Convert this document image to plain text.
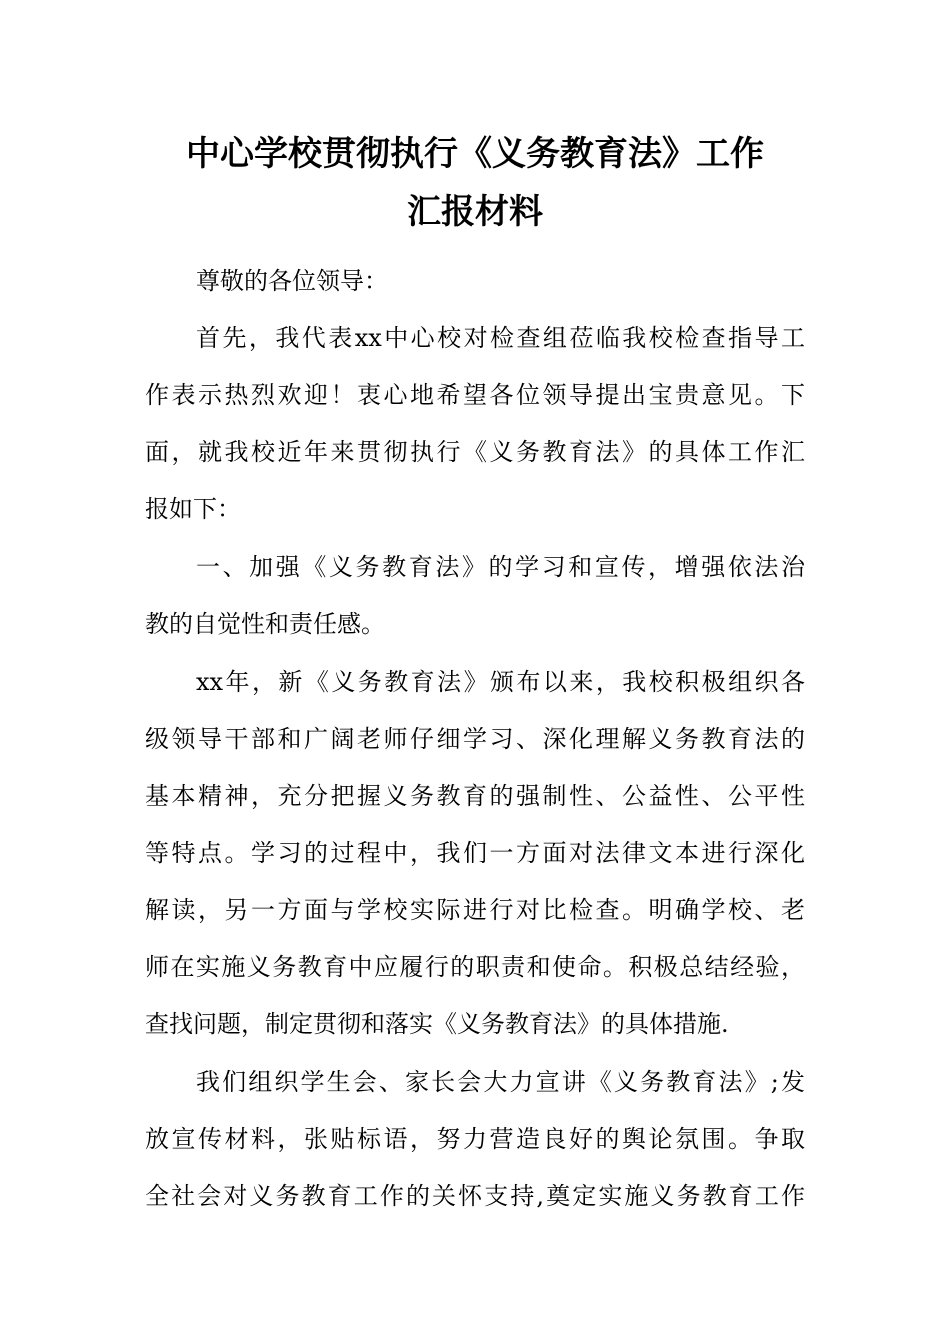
中心学校贯彻执行《义务教育法》工作
汇报材料

尊敬的各位领导：

首先，我代表xx中心校对检查组莅临我校检查指导工

作表示热烈欢迎！衷心地希望各位领导提出宝贵意见。下

面，就我校近年来贯彻执行《义务教育法》的具体工作汇

报如下：

一、加强《义务教育法》的学习和宣传，增强依法治

教的自觉性和责任感。

xx年，新《义务教育法》颁布以来，我校积极组织各

级领导干部和广阔老师仔细学习、深化理解义务教育法的

基本精神，充分把握义务教育的强制性、公益性、公平性

等特点。学习的过程中，我们一方面对法律文本进行深化

解读，另一方面与学校实际进行对比检查。明确学校、老

师在实施义务教育中应履行的职责和使命。积极总结经验，

查找问题，制定贯彻和落实《义务教育法》的具体措施.

我们组织学生会、家长会大力宣讲《义务教育法》;发

放宣传材料，张贴标语，努力营造良好的舆论氛围。争取

全社会对义务教育工作的关怀支持,奠定实施义务教育工作
